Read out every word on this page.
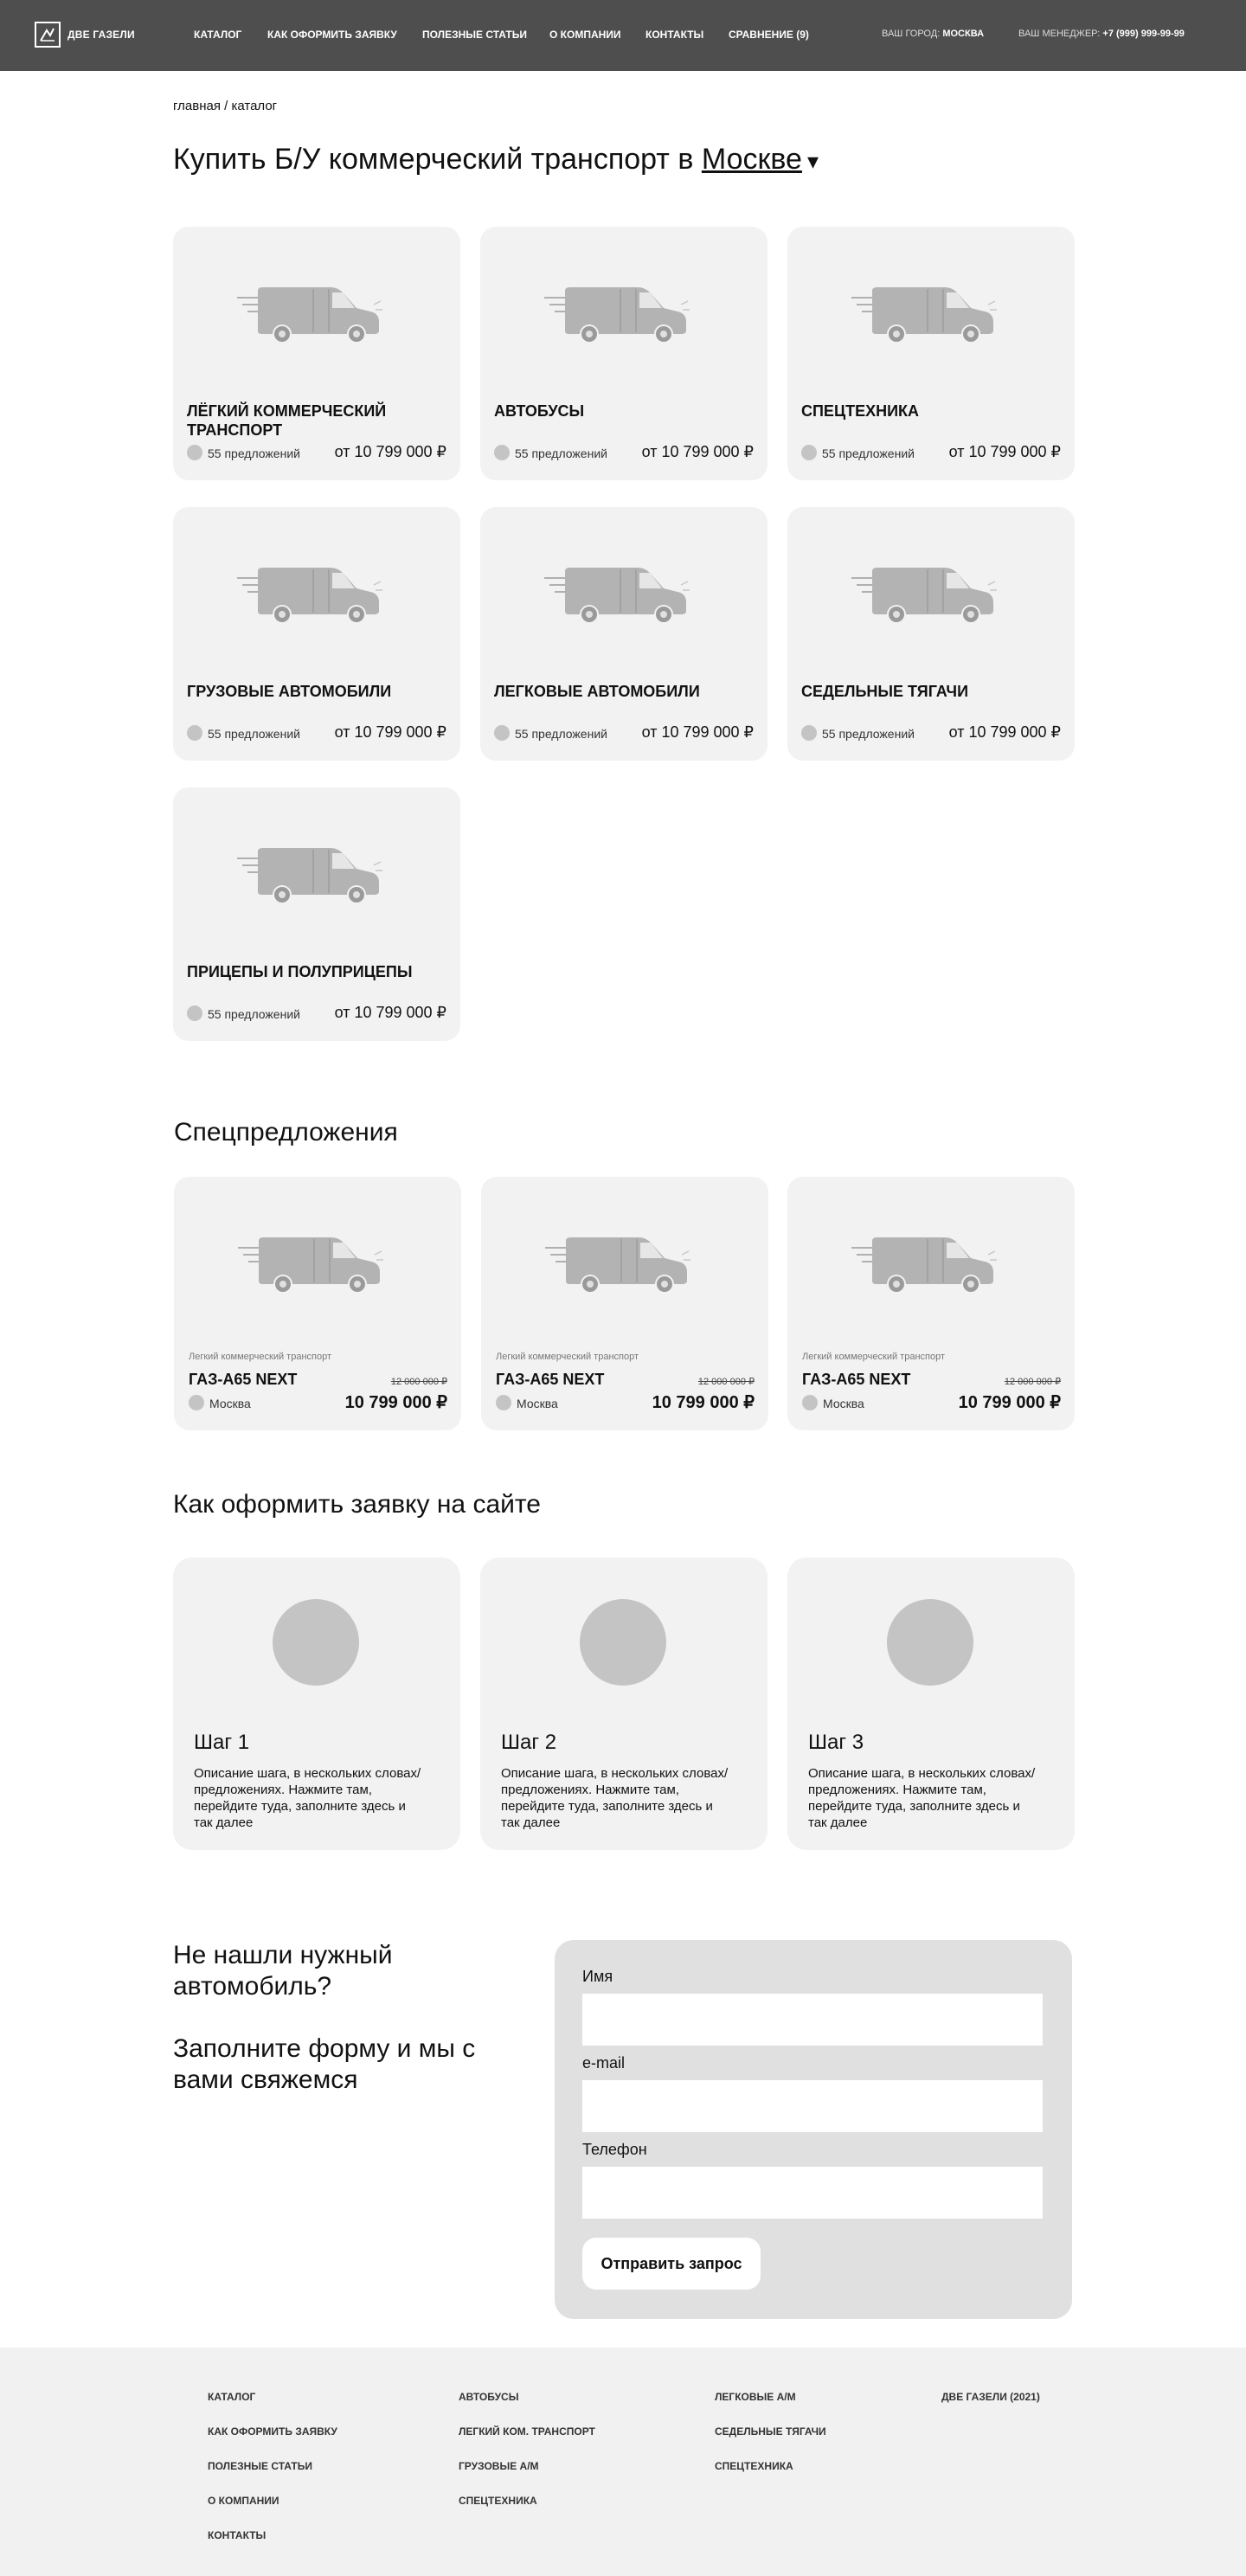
ДВЕ ГАЗЕЛИ	КАТАЛОГ КАК ОФОРМИТЬ ЗАЯВКУ ПОЛЕЗНЫЕ СТАТЬИ О КОМПАНИИ КОНТАКТЫ СРАВНЕНИЕ (9)	ВАШ ГОРОД: МОСКВА	ВАШ МЕНЕДЖЕР: +7 (999) 999-99-99
главная / каталог
Купить Б/У коммерческий транспорт в Москве ▾
ЛЁГКИЙ КОММЕРЧЕСКИЙ ТРАНСПОРТ
55 предложений от 10 799 000 ₽
АВТОБУСЫ
55 предложений от 10 799 000 ₽
СПЕЦТЕХНИКА
55 предложений от 10 799 000 ₽
ГРУЗОВЫЕ АВТОМОБИЛИ
55 предложений от 10 799 000 ₽
ЛЕГКОВЫЕ АВТОМОБИЛИ
55 предложений от 10 799 000 ₽
СЕДЕЛЬНЫЕ ТЯГАЧИ
55 предложений от 10 799 000 ₽
ПРИЦЕПЫ И ПОЛУПРИЦЕПЫ
55 предложений от 10 799 000 ₽
Спецпредложения
Легкий коммерческий транспорт
ГАЗ-А65 NEXT	12 000 000 ₽
Москва	10 799 000 ₽
Легкий коммерческий транспорт
ГАЗ-А65 NEXT	12 000 000 ₽
Москва	10 799 000 ₽
Легкий коммерческий транспорт
ГАЗ-А65 NEXT	12 000 000 ₽
Москва	10 799 000 ₽
Как оформить заявку на сайте
Шаг 1
Описание шага, в нескольких словах/предложениях. Нажмите там, перейдите туда, заполните здесь и так далее
Шаг 2
Описание шага, в нескольких словах/предложениях. Нажмите там, перейдите туда, заполните здесь и так далее
Шаг 3
Описание шага, в нескольких словах/предложениях. Нажмите там, перейдите туда, заполните здесь и так далее

Не нашли нужный автомобиль?

Заполните форму и мы с вами свяжемся

Имя
e-mail
Телефон
Отправить запрос
КАТАЛОГ
КАК ОФОРМИТЬ ЗАЯВКУ
ПОЛЕЗНЫЕ СТАТЬИ
О КОМПАНИИ
КОНТАКТЫ
АВТОБУСЫ
ЛЕГКИЙ КОМ. ТРАНСПОРТ
ГРУЗОВЫЕ А/М
СПЕЦТЕХНИКА
ЛЕГКОВЫЕ А/М
СЕДЕЛЬНЫЕ ТЯГАЧИ
СПЕЦТЕХНИКА
ДВЕ ГАЗЕЛИ (2021)
